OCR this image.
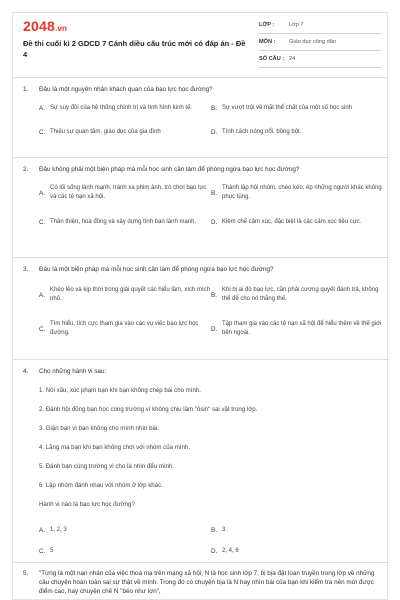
2048.vn
Đề thi cuối kì 2 GDCD 7 Cánh diều cấu trúc mới có đáp án - Đề 4
LỚP :	Lớp 7
MÔN :	Giáo dục công dân
SỐ CÂU : 24
1.	Đâu là một nguyên nhân khách quan của bạo lực học đường?
A. Sự suy đồi của hệ thống chính trị và tình hình kinh tế.	B. Sự vượt trội về mặt thể chất của một số học sinh
C. Thiếu sự quan tâm, giáo dục của gia đình	D. Tính cách nóng nổi, bồng bột.
2.	Đâu không phải một biện pháp mà mỗi học sinh cần làm để phòng ngừa bạo lực học đường?
A.
Có lối sống lành mạnh, tránh xa phim ảnh, trò chơi bạo lực và các tệ nạn xã hội.
B.
Thành lập hội nhóm, chèo kéo, ép những người khác không phục tùng.
C. Thân thiện, hoà đồng và xây dựng tình bạn lành mạnh.	D. Kiềm chế cảm xúc, đặc biệt là các cảm xúc tiêu cực.
3.	Đâu là một biện pháp mà mỗi học sinh cần làm để phòng ngừa bạo lực học đường?
A.
Khéo léo và kịp thời trong giải quyết các hiểu lầm, xích mích nhỏ.
B.
Khi bị ai đó bạo lực, cần phải cương quyết đánh trả, không thể để cho nó thắng thế.
C.
Tìm hiểu, tích cực tham gia vào các vụ việc bạo lực học đường.
D.
Tập tham gia vào các tệ nạn xã hội để hiểu thêm về thế giới bên ngoài.
4.	Cho những hành vi sau:
1. Nói xấu, xúc phạm bạn khi bạn không chép bài cho mình.
2. Đánh hội đồng bạn học cùng trường vì không chịu làm "ôsin" sai vặt trong lớp.
3. Giận bạn vì bạn không cho mình nhìn bài.
4. Lăng mạ bạn khi bạn không chơi với nhóm của mình.
5. Đánh bạn cùng trường vì cho là nhìn đểu mình.
6. Lập nhóm đánh nhau với nhóm ở lớp khác.
Hành vi nào là bạo lực học đường?
A. 1, 2, 3	B. 3
C. 5	D. 2, 4, 6
5.	"Từng là một nạn nhân của việc thoá mạ trên mạng xã hội, N là học sinh lớp 7, bị bịa đặt loan truyền trong lớp về những câu chuyện hoàn toàn sai sự thật về mình. Trong đó có chuyện bịa là N hay nhìn bài của bạn khi kiểm tra nên mới được điểm cao, hay chuyện chê N "béo như lợn",
